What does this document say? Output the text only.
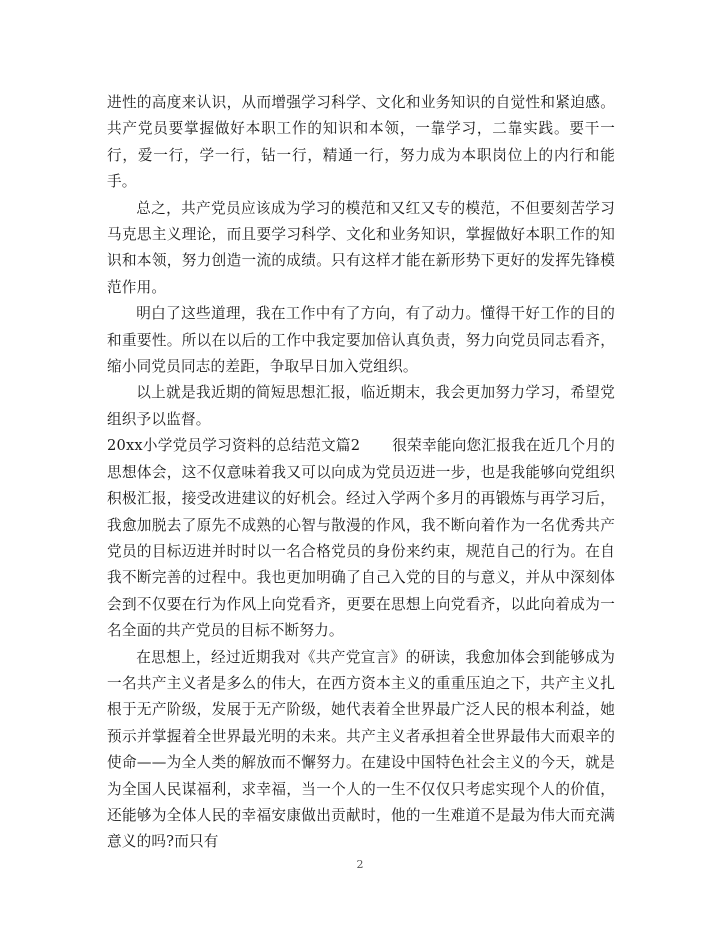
进性的高度来认识，从而增强学习科学、文化和业务知识的自觉性和紧迫感。共产党员要掌握做好本职工作的知识和本领，一靠学习，二靠实践。要干一行，爱一行，学一行，钻一行，精通一行，努力成为本职岗位上的内行和能手。

总之，共产党员应该成为学习的模范和又红又专的模范，不但要刻苦学习马克思主义理论，而且要学习科学、文化和业务知识，掌握做好本职工作的知识和本领，努力创造一流的成绩。只有这样才能在新形势下更好的发挥先锋模范作用。

明白了这些道理，我在工作中有了方向，有了动力。懂得干好工作的目的和重要性。所以在以后的工作中我定要加倍认真负责，努力向党员同志看齐，缩小同党员同志的差距，争取早日加入党组织。

以上就是我近期的简短思想汇报，临近期末，我会更加努力学习，希望党组织予以监督。

20xx小学党员学习资料的总结范文篇2 很荣幸能向您汇报我在近几个月的思想体会，这不仅意味着我又可以向成为党员迈进一步，也是我能够向党组织积极汇报，接受改进建议的好机会。经过入学两个多月的再锻炼与再学习后，我愈加脱去了原先不成熟的心智与散漫的作风，我不断向着作为一名优秀共产党员的目标迈进并时时以一名合格党员的身份来约束，规范自己的行为。在自我不断完善的过程中。我也更加明确了自己入党的目的与意义，并从中深刻体会到不仅要在行为作风上向党看齐，更要在思想上向党看齐，以此向着成为一名全面的共产党员的目标不断努力。

在思想上，经过近期我对《共产党宣言》的研读，我愈加体会到能够成为一名共产主义者是多么的伟大，在西方资本主义的重重压迫之下，共产主义扎根于无产阶级，发展于无产阶级，她代表着全世界最广泛人民的根本利益，她预示并掌握着全世界最光明的未来。共产主义者承担着全世界最伟大而艰辛的使命——为全人类的解放而不懈努力。在建设中国特色社会主义的今天，就是为全国人民谋福利，求幸福，当一个人的一生不仅仅只考虑实现个人的价值，还能够为全体人民的幸福安康做出贡献时，他的一生难道不是最为伟大而充满意义的吗?而只有

2
